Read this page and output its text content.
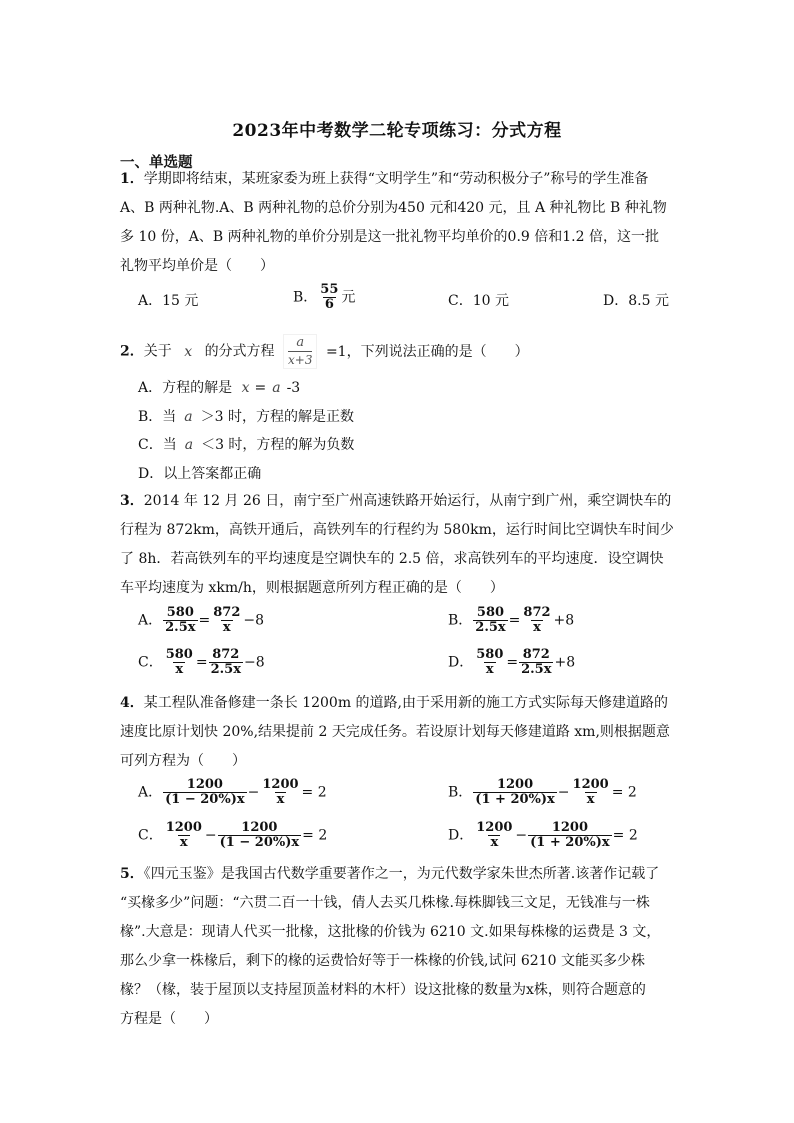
2023年中考数学二轮专项练习：分式方程
一、单选题
1．学期即将结束，某班家委为班上获得“文明学生”和“劳动积极分子”称号的学生准备
A、B 两种礼物.A、B 两种礼物的总价分别为450 元和420 元，且 A 种礼物比 B 种礼物
多 10 份，A、B 两种礼物的单价分别是这一批礼物平均单价的0.9 倍和1.2 倍，这一批
礼物平均单价是（　　）
A．15 元	B． $\frac{55}{6}$ 元	C．10 元	D．8.5 元
2．关于 x 的分式方程 $\frac{a}{x+3} =1$，下列说法正确的是（　　）
A．方程的解是 x = a -3
B．当 a ＞3 时，方程的解是正数
C．当 a ＜3 时，方程的解为负数
D．以上答案都正确
3．2014 年 12 月 26 日，南宁至广州高速铁路开始运行，从南宁到广州，乘空调快车的
行程为 872km，高铁开通后，高铁列车的行程约为 580km，运行时间比空调快车时间少
了 8h．若高铁列车的平均速度是空调快车的 2.5 倍，求高铁列车的平均速度．设空调快
车平均速度为 xkm/h，则根据题意所列方程正确的是（　　）
A． $\frac{580}{2.5x} = \frac{872}{x} -8$	B． $\frac{580}{2.5x} = \frac{872}{x} +8$
C． $\frac{580}{x} = \frac{872}{2.5x} -8$	D． $\frac{580}{x} = \frac{872}{2.5x} +8$
4．某工程队准备修建一条长 1200m 的道路,由于采用新的施工方式实际每天修建道路的
速度比原计划快 20%,结果提前 2 天完成任务。若设原计划每天修建道路 xm,则根据题意
可列方程为（　　）
A． $\frac{1200}{(1 - 20\%)x} - \frac{1200}{x} = 2$	B． $\frac{1200}{(1 + 20\%)x} - \frac{1200}{x} = 2$
C． $\frac{1200}{x} - \frac{1200}{(1 - 20\%)x} = 2$	D． $\frac{1200}{x} - \frac{1200}{(1 + 20\%)x} = 2$
5．《四元玉鉴》是我国古代数学重要著作之一，为元代数学家朱世杰所著.该著作记载了
“买椽多少”问题：“六贯二百一十钱，倩人去买几株椽.每株脚钱三文足，无钱准与一株
椽”.大意是：现请人代买一批椽，这批椽的价钱为 6210 文.如果每株椽的运费是 3 文，
那么少拿一株椽后，剩下的椽的运费恰好等于一株椽的价钱,试问 6210 文能买多少株
椽？（椽，装于屋顶以支持屋顶盖材料的木杆）设这批椽的数量为x株，则符合题意的
方程是（　　）
